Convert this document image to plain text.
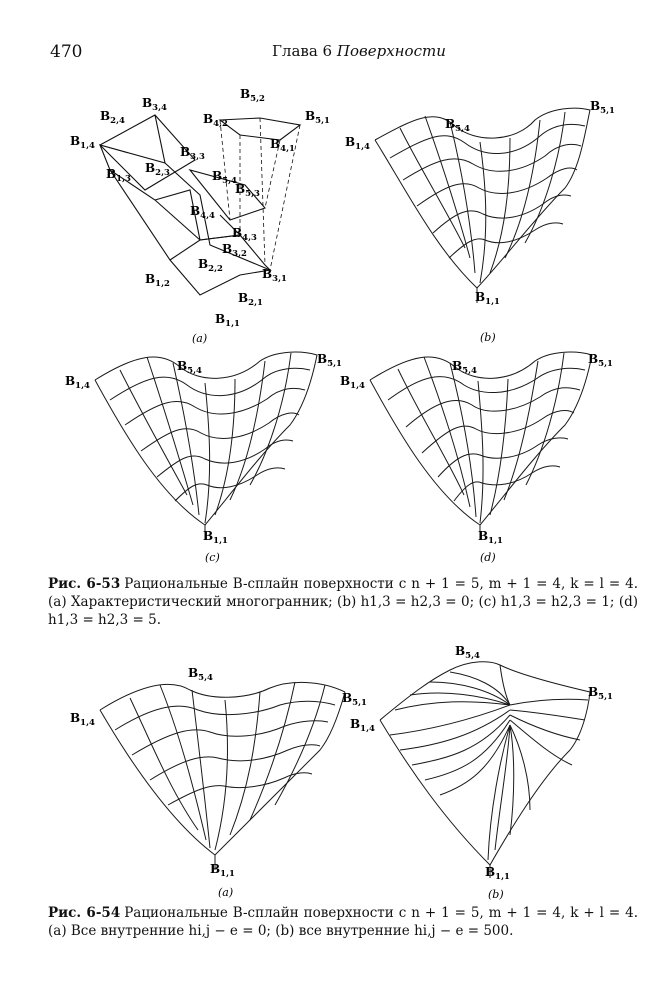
470	Глава 6 Поверхности
$B_{1,4}$
$B_{2,4}$
$B_{3,4}$
$B_{1,3}$
$B_{2,3}$
$B_{3,3}$
$B_{4,2}$
$B_{5,2}$
$B_{5,1}$
$B_{4,1}$
$B_{5,4}$
$B_{5,3}$
$B_{4,4}$
$B_{4,3}$
$B_{3,2}$
$B_{2,2}$
$B_{1,2}$
$B_{3,1}$
$B_{2,1}$
$B_{1,1}$
(a)
$B_{1,4}$
$B_{5,4}$
$B_{5,1}$
$B_{1,1}$
(b)
$B_{1,4}$
$B_{5,4}$
$B_{5,1}$
$B_{1,1}$
(c)
$B_{1,4}$
$B_{5,4}$
$B_{5,1}$
$B_{1,1}$
(d)
Рис. 6-53 Рациональные B-сплайн поверхности с n + 1 = 5, m + 1 = 4, k = l = 4. (a) Характеристический многогранник; (b) h1,3 = h2,3 = 0; (c) h1,3 = h2,3 = 1; (d) h1,3 = h2,3 = 5.
$B_{1,4}$
$B_{5,4}$
$B_{5,1}$
$B_{1,1}$
(a)
$B_{1,4}$
$B_{5,4}$
$B_{5,1}$
$B_{1,1}$
(b)
Рис. 6-54 Рациональные B-сплайн поверхности с n + 1 = 5, m + 1 = 4, k + l = 4. (a) Все внутренние hi,j − e = 0; (b) все внутренние hi,j − e = 500.
